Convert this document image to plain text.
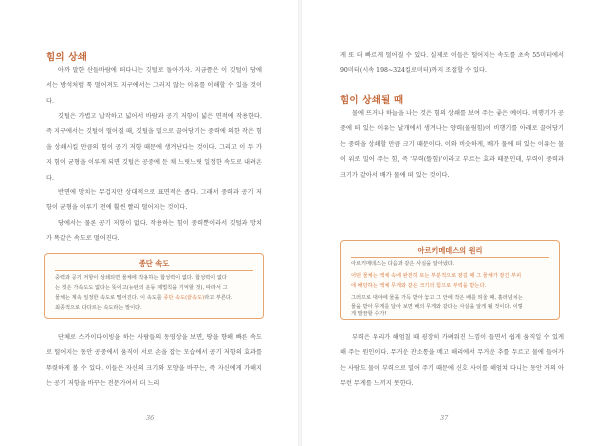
힘의 상쇄
아까 말한 산들바람에 떠다니는 깃털로 돌아가자. 지금쯤은 이 깃털이 당에서는 방석처럼 툭 떨어져도 지구에서는 그러지 않는 이유를 이해할 수 있을 것이다.
깃털은 가볍고 납작하고 넓어서 바람과 공기 저항이 넓은 면적에 작용한다. 즉 지구에서는 깃털이 떨어질 때, 깃털을 밀으로 끌어당기는 중력에 의한 작은 힘을 상쇄시킬 만큼의 힘이 공기 저항 때문에 생겨난다는 것이다. 그리고 이 두 가지 힘이 균형을 이루게 되면 깃털은 공중에 둔 채 느릿느릿 일정한 속도로 내려온다.
반면에 망치는 무겁지만 상대적으로 표면적은 좁다. 그래서 중력과 공기 저항이 균형을 이루기 전에 훨씬 빨리 떨어지는 것이다.
당에서는 물론 공기 저항이 없다. 작용하는 힘이 중력뿐이라서 깃털과 망치가 똑같은 속도로 떨어진다.
종단 속도
중력과 공기 저항이 상쇄되면 물체에 작용하는 합성력이 없다. 합성력이 없다
는 것은 가속도도 없다는 뜻이고(뉴턴의 운동 제법칙을 기억할 것), 따라서 그
물체는 계속 일정한 속도로 떨어진다. 이 속도를 종단 속도(끝속도)라고 부른다.
최종적으로 다다르는 속도라는 말이다.
단체로 스카이다이빙을 하는 사람들의 동영상을 보면, 땅을 향해 빠른 속도로 떨어지는 동안 공중에서 움직이 서로 손을 잡는 모습에서 공기 저항의 효과를 뚜렷하게 볼 수 있다. 이들은 자신의 크기와 모양을 바꾸는, 즉 자신에게 가해지는 공기 저항을 바꾸는 전문가여서 더 느리
36
게 또 더 빠르게 떨어질 수 있다. 실제로 이들은 떨어지는 속도를 초속 55미터에서 90미터(시속 198~324킬로미터)까지 조절할 수 있다.
힘이 상쇄될 때
물에 뜨거나 하늘을 나는 것은 힘의 상쇄를 보여 주는 좋은 예이다. 비행기가 공중에 떠 있는 이유는 날개에서 생겨나는 양력(올림힘)이 비행기를 아래로 끌어당기는 중력을 상쇄할 만큼 크기 때문이다. 이와 비슷하게, 배가 물에 떠 있는 이유는 물이 위로 밀어 주는 힘, 즉 '부력(뜰힘)'이라고 부르는 효과 때문인데, 부력이 중력과 크기가 같아서 배가 물에 떠 있는 것이다.
아르키메데스의 원리
아르키메데스는 다음과 같은 사실을 알아냈다.
어떤 물체는 액체 속에 완전히 또는 부분적으로 잠길 때 그 물체가 잠긴 부피
에 해당하는 액체 무게와 같은 크기의 힘으로 부력을 받는다.
그러므로 대야에 물을 가득 받아 놓고 그 안에 작은 배를 띄울 때, 흘러넘치는
물을 받아 무게를 달아 보면 배의 무게와 같다는 사실을 알게 될 것이다. 이렇
게 말끔할 수가!
부력은 우리가 해엄칠 때 굉장히 가벼워진 느낌이 들면서 쉽게 움직일 수 있게 해 주는 원인이다. 무거운 잔소통을 메고 해리에서 무거운 추를 두르고 물에 들어가는 사람도 물이 부력으로 밀어 주기 때문에 신호 사이를 해엄쳐 다니는 동안 거의 아무런 무게를 느끼지 못한다.
37
